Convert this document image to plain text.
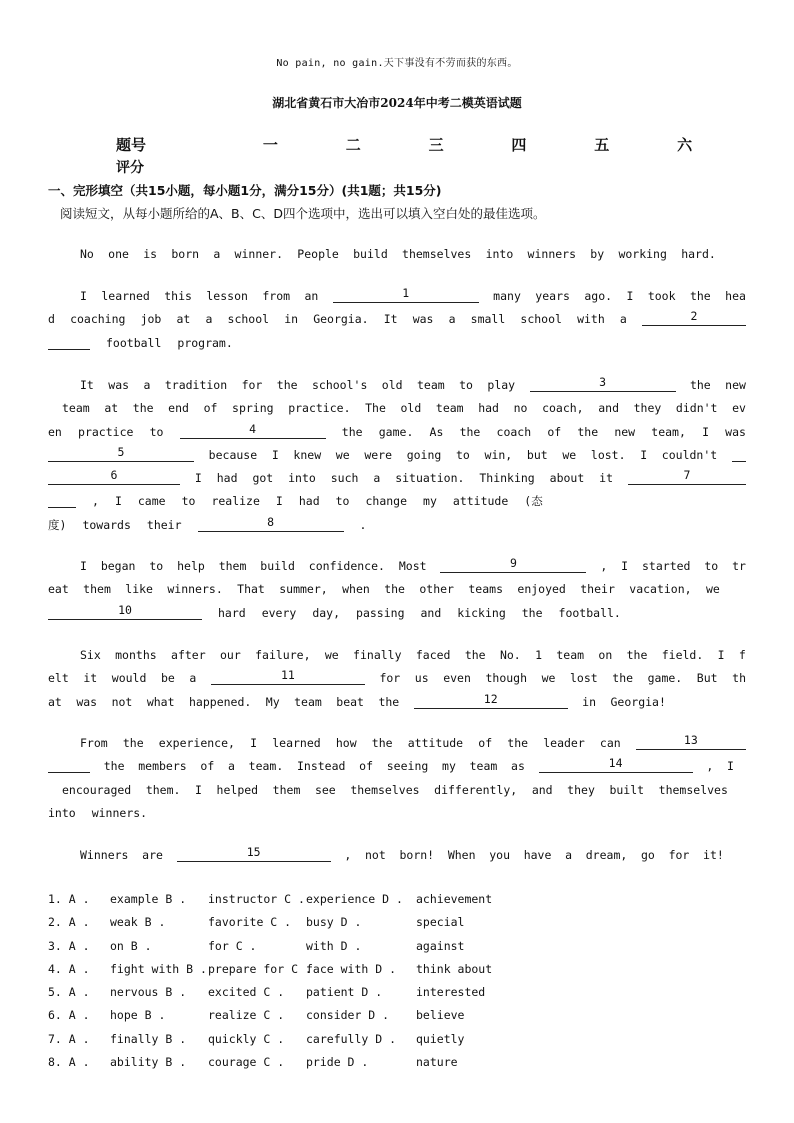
No pain, no gain.天下事没有不劳而获的东西。
湖北省黄石市大冶市2024年中考二模英语试题
题号	一	二	三	四	五	六
评分
一、完形填空（共15小题，每小题1分，满分15分）(共1题；共15分)
阅读短文，从每小题所给的A、B、C、D四个选项中，选出可以填入空白处的最佳选项。
No one is born a winner. People build themselves into winners by working hard.
I learned this lesson from an	1	many years ago. I took the hea
d coaching job at a school in Georgia. It was a small school with a	2
football program.
It was a tradition for the school's old team to play	3	the new
team at the end of spring practice. The old team had no coach, and they didn't ev
en practice to	4	the game. As the coach of the new team, I was
5	because I knew we were going to win, but we lost. I couldn't
6	I had got into such a situation. Thinking about it	7
, I came to realize I had to change my attitude (态
度) towards their	8	.
I began to help them build confidence. Most	9	, I started to tr
eat them like winners. That summer, when the other teams enjoyed their vacation, we
10	hard every day, passing and kicking the football.
Six months after our failure, we finally faced the No. 1 team on the field. I f
elt it would be a	11	for us even though we lost the game. But th
at was not what happened. My team beat the	12	in Georgia!
From the experience, I learned how the attitude of the leader can	13
the members of a team. Instead of seeing my team as	14	, I
encouraged them. I helped them see themselves differently, and they built themselves
into winners.
Winners are	15	, not born! When you have a dream, go for it!
1. A . example B . instructor C .experience D . achievement
2. A . weak B .	favorite C . busy D .	special
3. A . on B .	for C .	with D .	against
4. A . fight with B .prepare for C .face with D . think about
5. A . nervous B . excited C . patient D .	interested
6. A . hope B .	realize C . consider D . believe
7. A . finally B . quickly C . carefully D . quietly
8. A . ability B . courage C . pride D .	nature
